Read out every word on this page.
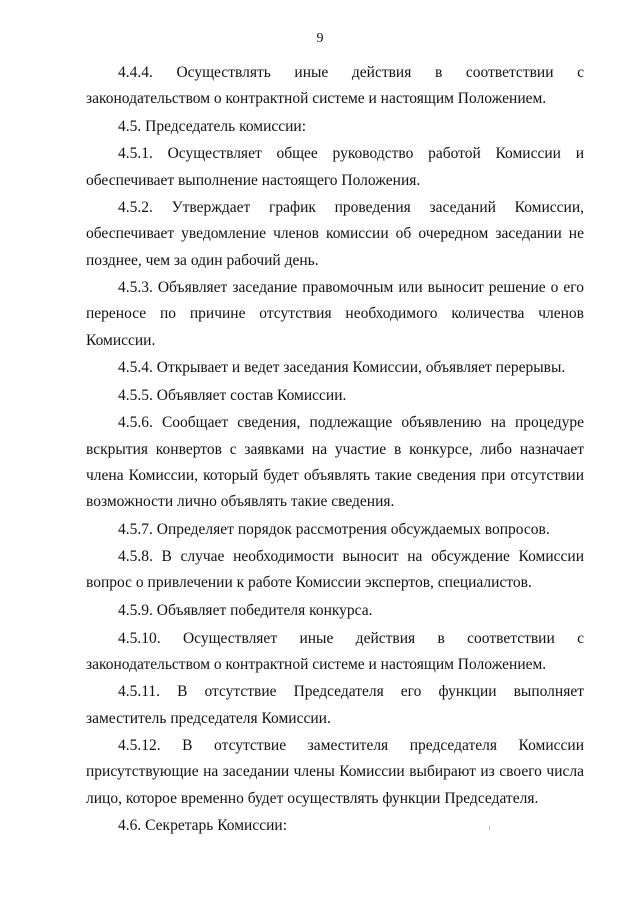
9

4.4.4. Осуществлять иные действия в соответствии с законодательством о контрактной системе и настоящим Положением.

4.5. Председатель комиссии:

4.5.1. Осуществляет общее руководство работой Комиссии и обеспечивает выполнение настоящего Положения.

4.5.2. Утверждает график проведения заседаний Комиссии, обеспечивает уведомление членов комиссии об очередном заседании не позднее, чем за один рабочий день.

4.5.3. Объявляет заседание правомочным или выносит решение о его переносе по причине отсутствия необходимого количества членов Комиссии.

4.5.4. Открывает и ведет заседания Комиссии, объявляет перерывы.

4.5.5. Объявляет состав Комиссии.

4.5.6. Сообщает сведения, подлежащие объявлению на процедуре вскрытия конвертов с заявками на участие в конкурсе, либо назначает члена Комиссии, который будет объявлять такие сведения при отсутствии возможности лично объявлять такие сведения.

4.5.7. Определяет порядок рассмотрения обсуждаемых вопросов.

4.5.8. В случае необходимости выносит на обсуждение Комиссии вопрос о привлечении к работе Комиссии экспертов, специалистов.

4.5.9. Объявляет победителя конкурса.

4.5.10. Осуществляет иные действия в соответствии с законодательством о контрактной системе и настоящим Положением.

4.5.11. В отсутствие Председателя его функции выполняет заместитель председателя Комиссии.

4.5.12. В отсутствие заместителя председателя Комиссии присутствующие на заседании члены Комиссии выбирают из своего числа лицо, которое временно будет осуществлять функции Председателя.

4.6. Секретарь Комиссии:
